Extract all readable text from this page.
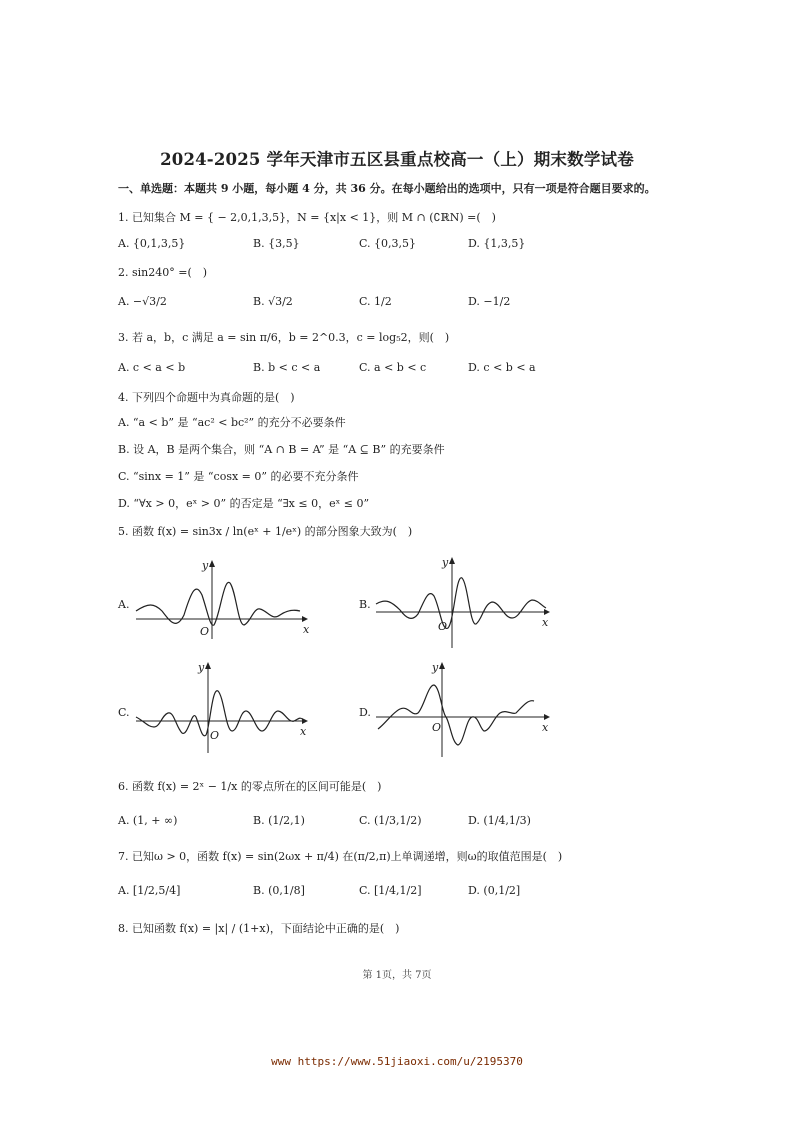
2024-2025 学年天津市五区县重点校高一（上）期末数学试卷
一、单选题：本题共 9 小题，每小题 4 分，共 36 分。在每小题给出的选项中，只有一项是符合题目要求的。
1. 已知集合 M = { − 2,0,1,3,5}，N = {x|x < 1}，则 M ∩ (∁ℝN) =(　)
A. {0,1,3,5}	B. {3,5}	C. {0,3,5}	D. {1,3,5}
2. sin240° =(　)
A. −√3/2	B. √3/2	C. 1/2	D. −1/2
3. 若 a，b，c 满足 a = sin π/6，b = 2^0.3，c = log₅2，则(　)
A. c < a < b	B. b < c < a	C. a < b < c	D. c < b < a
4. 下列四个命题中为真命题的是(　)
A. “a < b” 是 “ac² < bc²” 的充分不必要条件
B. 设 A，B 是两个集合，则 “A ∩ B = A” 是 “A ⊆ B” 的充要条件
C. “sinx = 1” 是 “cosx = 0” 的必要不充分条件
D. “∀x > 0，eˣ > 0” 的否定是 “∃x ≤ 0，eˣ ≤ 0”
5. 函数 f(x) = sin3x / ln(eˣ + 1/eˣ) 的部分图象大致为(　)
A.
O	x
y
B.
O	x
y
C.
O	x
y
D.
O	x
y
6. 函数 f(x) = 2ˣ − 1/x 的零点所在的区间可能是(　)
A. (1, + ∞)	B. (1/2,1)	C. (1/3,1/2)	D. (1/4,1/3)
7. 已知ω > 0，函数 f(x) = sin(2ωx + π/4) 在(π/2,π)上单调递增，则ω的取值范围是(　)
A. [1/2,5/4]	B. (0,1/8]	C. [1/4,1/2]	D. (0,1/2]
8. 已知函数 f(x) = |x| / (1+x)，下面结论中正确的是(　)
第 1页，共 7页
www https://www.51jiaoxi.com/u/2195370
